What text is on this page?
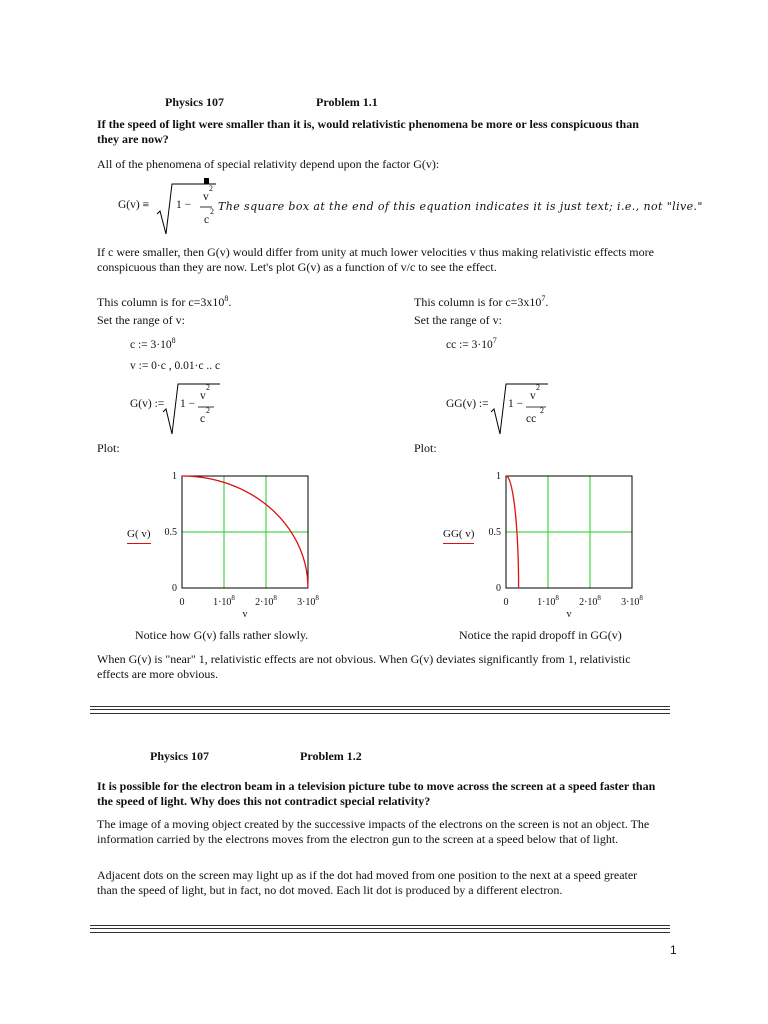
Physics 107	Problem 1.1
If the speed of light were smaller than it is, would relativistic phenomena be more or less conspicuous than they are now?
All of the phenomena of special relativity depend upon the factor G(v):
G(v) ≡ 1 −
v
2
c
2 The square box at the end of this equation indicates it is just text; i.e., not "live."
If c were smaller, then G(v) would differ from unity at much lower velocities v thus making relativistic effects more conspicuous than they are now. Let's plot G(v) as a function of v/c to see the effect.
This column is for $c=3x10^8$.
Set the range of v:
c := $3\cdot 10^8$
v := 0·c , 0.01·c .. c
G(v) := 1 −
v
2
c
2
Plot:
This column is for $c=3x10^7$.
Set the range of v:
cc := $3\cdot 10^7$
GG(v) := 1 −
v
2
cc
2
Plot:
G( v)
0
0.5
1
0	$1\cdot 10^8$ $2\cdot 10^8$ $3\cdot 10^8$
v
GG( v)
0
0.5
1
0	$1\cdot 10^8$ $2\cdot 10^8$ $3\cdot 10^8$
v
Notice how G(v) falls rather slowly.	Notice the rapid dropoff in GG(v)
When G(v) is "near" 1, relativistic effects are not obvious. When G(v) deviates significantly from 1, relativistic effects are more obvious.
Physics 107	Problem 1.2
It is possible for the electron beam in a television picture tube to move across the screen at a speed faster than the speed of light. Why does this not contradict special relativity?
The image of a moving object created by the successive impacts of the electrons on the screen is not an object. The information carried by the electrons moves from the electron gun to the screen at a speed below that of light.
Adjacent dots on the screen may light up as if the dot had moved from one position to the next at a speed greater than the speed of light, but in fact, no dot moved. Each lit dot is produced by a different electron.
1
